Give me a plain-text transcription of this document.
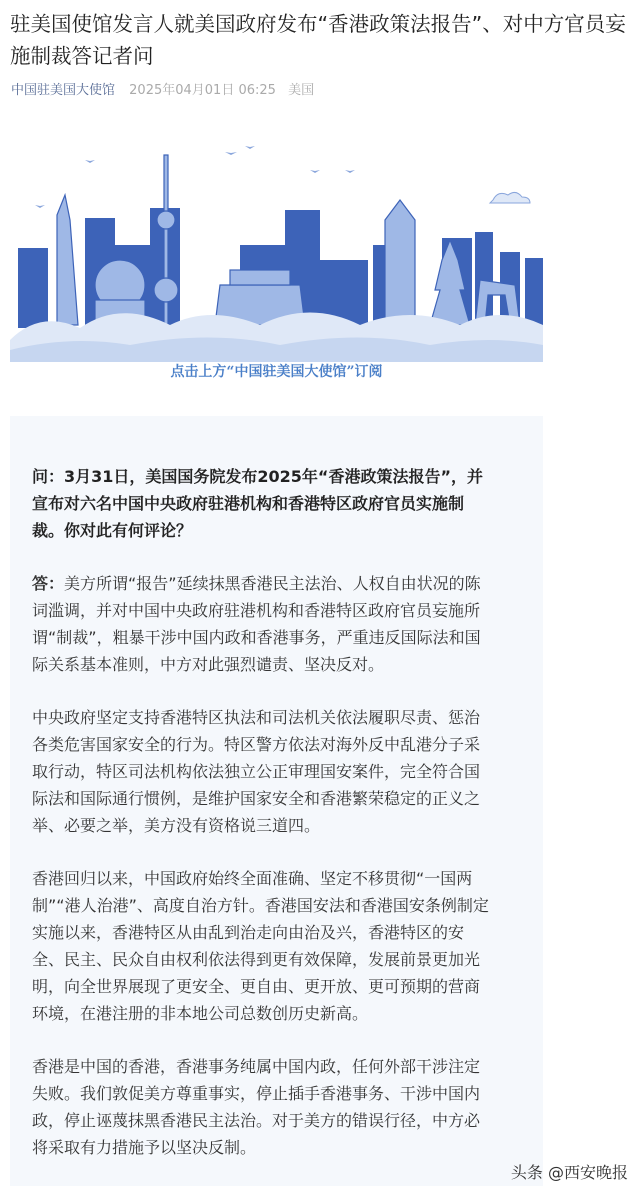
驻美国使馆发言人就美国政府发布“香港政策法报告”、对中方官员妄施制裁答记者问
中国驻美国大使馆 2025年04月01日 06:25 美国
点击上方“中国驻美国大使馆”订阅

问：3月31日，美国国务院发布2025年“香港政策法报告”，并宣布对六名中国中央政府驻港机构和香港特区政府官员实施制裁。你对此有何评论？

答：美方所谓“报告”延续抹黑香港民主法治、人权自由状况的陈词滥调，并对中国中央政府驻港机构和香港特区政府官员妄施所谓“制裁”，粗暴干涉中国内政和香港事务，严重违反国际法和国际关系基本准则，中方对此强烈谴责、坚决反对。

中央政府坚定支持香港特区执法和司法机关依法履职尽责、惩治各类危害国家安全的行为。特区警方依法对海外反中乱港分子采取行动，特区司法机构依法独立公正审理国安案件，完全符合国际法和国际通行惯例，是维护国家安全和香港繁荣稳定的正义之举、必要之举，美方没有资格说三道四。

香港回归以来，中国政府始终全面准确、坚定不移贯彻“一国两制”“港人治港”、高度自治方针。香港国安法和香港国安条例制定实施以来，香港特区从由乱到治走向由治及兴，香港特区的安全、民主、民众自由权利依法得到更有效保障，发展前景更加光明，向全世界展现了更安全、更自由、更开放、更可预期的营商环境，在港注册的非本地公司总数创历史新高。

香港是中国的香港，香港事务纯属中国内政，任何外部干涉注定失败。我们敦促美方尊重事实，停止插手香港事务、干涉中国内政，停止诬蔑抹黑香港民主法治。对于美方的错误行径，中方必将采取有力措施予以坚决反制。

头条 @西安晚报
